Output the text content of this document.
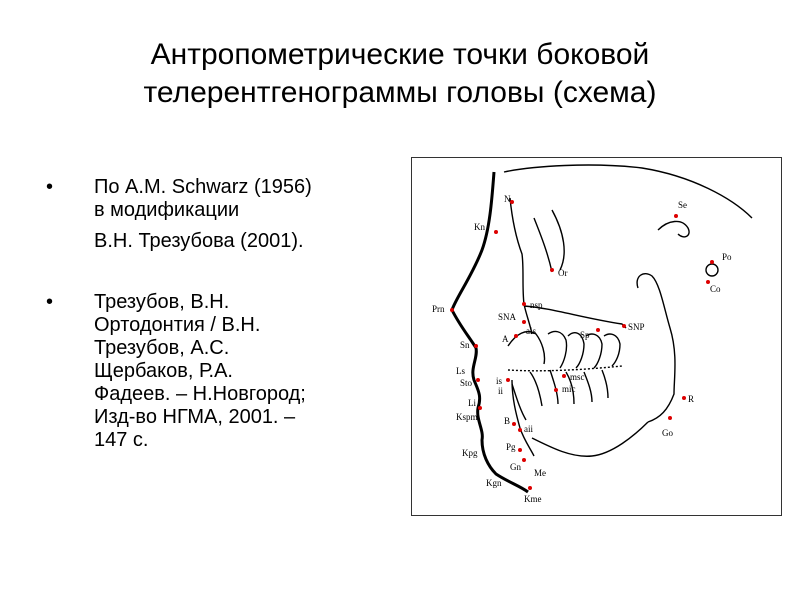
Антропометрические точки боковой
телерентгенограммы головы (схема)
•	По А.М. Schwarz (1956)
в модификации
В.Н. Трезубова (2001).
•	Трезубов, В.Н.
Ортодонтия / В.Н.
Трезубов, А.С.
Щербаков, Р.А.
Фадеев. – Н.Новгород;
Изд-во НГМА, 2001. –
147 с.
N
Kn
Se
Or
Po
Co
Prn	nsp
SNA
Sp
SNP
A
ais
Sn
Ls
Sto	is
ii
msc
mic
Li
Kspm	B
aii
R
Go
Pg
Kpg
Gn
Me
Kgn
Kme
